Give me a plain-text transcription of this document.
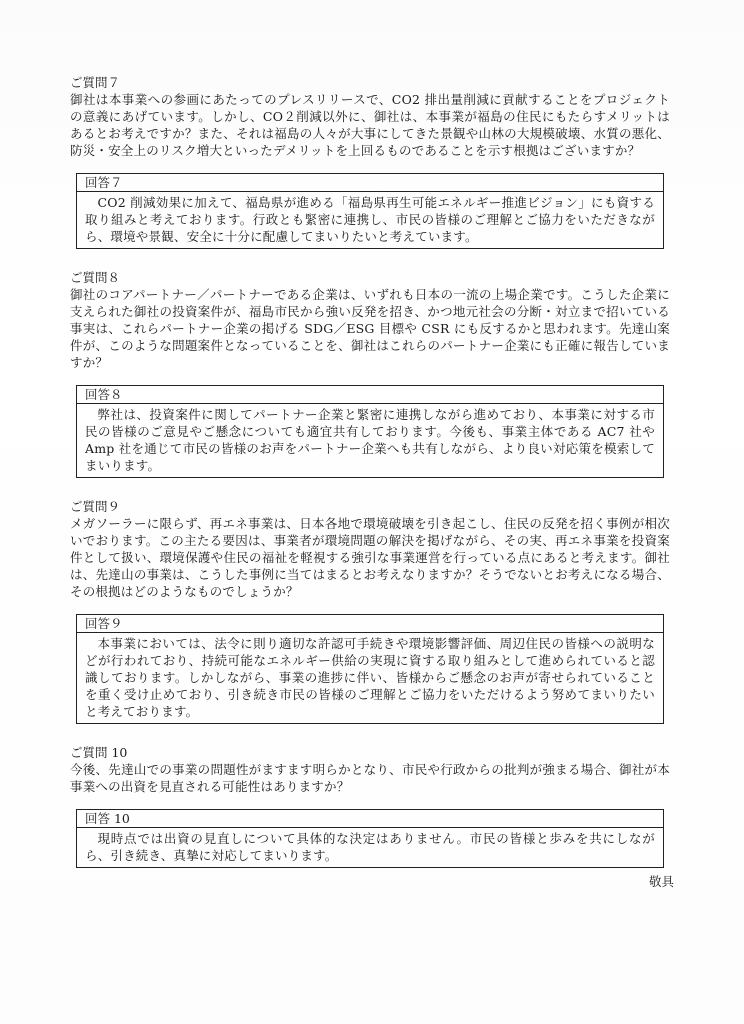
ご質問７

御社は本事業への参画にあたってのプレスリリースで、CO2 排出量削減に貢献することをプロジェクトの意義にあげています。しかし、CO２削減以外に、御社は、本事業が福島の住民にもたらすメリットはあるとお考えですか？また、それは福島の人々が大事にしてきた景観や山林の大規模破壊、水質の悪化、防災・安全上のリスク増大といったデメリットを上回るものであることを示す根拠はございますか？

回答７
CO2 削減効果に加えて、福島県が進める「福島県再生可能エネルギー推進ビジョン」にも資する取り組みと考えております。行政とも緊密に連携し、市民の皆様のご理解とご協力をいただきながら、環境や景観、安全に十分に配慮してまいりたいと考えています。

ご質問８

御社のコアパートナー／パートナーである企業は、いずれも日本の一流の上場企業です。こうした企業に支えられた御社の投資案件が、福島市民から強い反発を招き、かつ地元社会の分断・対立まで招いている事実は、これらパートナー企業の掲げる SDG／ESG 目標や CSR にも反するかと思われます。先達山案件が、このような問題案件となっていることを、御社はこれらのパートナー企業にも正確に報告していますか？

回答８
弊社は、投資案件に関してパートナー企業と緊密に連携しながら進めており、本事業に対する市民の皆様のご意見やご懸念についても適宜共有しております。今後も、事業主体である AC7 社や Amp 社を通じて市民の皆様のお声をパートナー企業へも共有しながら、より良い対応策を模索してまいります。

ご質問９

メガソーラーに限らず、再エネ事業は、日本各地で環境破壊を引き起こし、住民の反発を招く事例が相次いでおります。この主たる要因は、事業者が環境問題の解決を掲げながら、その実、再エネ事業を投資案件として扱い、環境保護や住民の福祉を軽視する強引な事業運営を行っている点にあると考えます。御社は、先達山の事業は、こうした事例に当てはまるとお考えなりますか？そうでないとお考えになる場合、その根拠はどのようなものでしょうか？

回答９
本事業においては、法令に則り適切な許認可手続きや環境影響評価、周辺住民の皆様への説明などが行われており、持続可能なエネルギー供給の実現に資する取り組みとして進められていると認識しております。しかしながら、事業の進捗に伴い、皆様からご懸念のお声が寄せられていることを重く受け止めており、引き続き市民の皆様のご理解とご協力をいただけるよう努めてまいりたいと考えております。

ご質問 10

今後、先達山での事業の問題性がますます明らかとなり、市民や行政からの批判が強まる場合、御社が本事業への出資を見直される可能性はありますか？

回答 10
現時点では出資の見直しについて具体的な決定はありません。市民の皆様と歩みを共にしながら、引き続き、真摯に対応してまいります。
敬具
